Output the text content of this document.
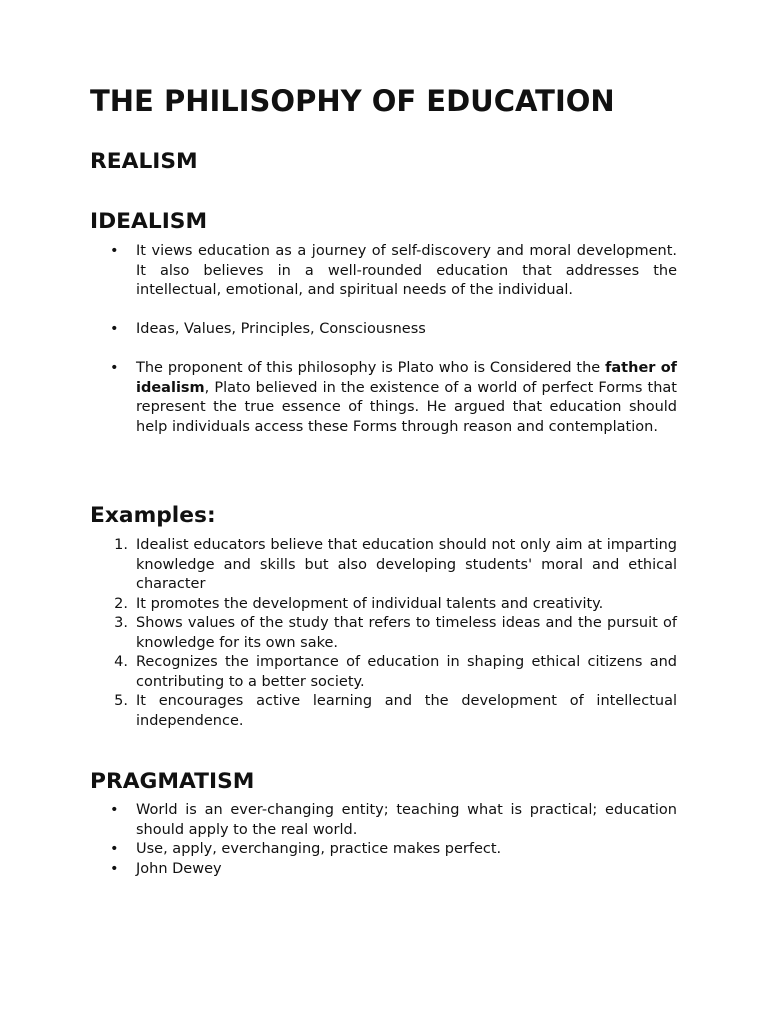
THE PHILISOPHY OF EDUCATION
REALISM
IDEALISM
• It views education as a journey of self-discovery and moral development. It also believes in a well-rounded education that addresses the intellectual, emotional, and spiritual needs of the individual.
• Ideas, Values, Principles, Consciousness
• The proponent of this philosophy is Plato who is Considered the father of idealism, Plato believed in the existence of a world of perfect Forms that represent the true essence of things. He argued that education should help individuals access these Forms through reason and contemplation.
Examples:
1. Idealist educators believe that education should not only aim at imparting knowledge and skills but also developing students' moral and ethical character
2. It promotes the development of individual talents and creativity.
3. Shows values of the study that refers to timeless ideas and the pursuit of knowledge for its own sake.
4. Recognizes the importance of education in shaping ethical citizens and contributing to a better society.
5. It encourages active learning and the development of intellectual independence.
PRAGMATISM
• World is an ever-changing entity; teaching what is practical; education should apply to the real world.
• Use, apply, everchanging, practice makes perfect.
• John Dewey
